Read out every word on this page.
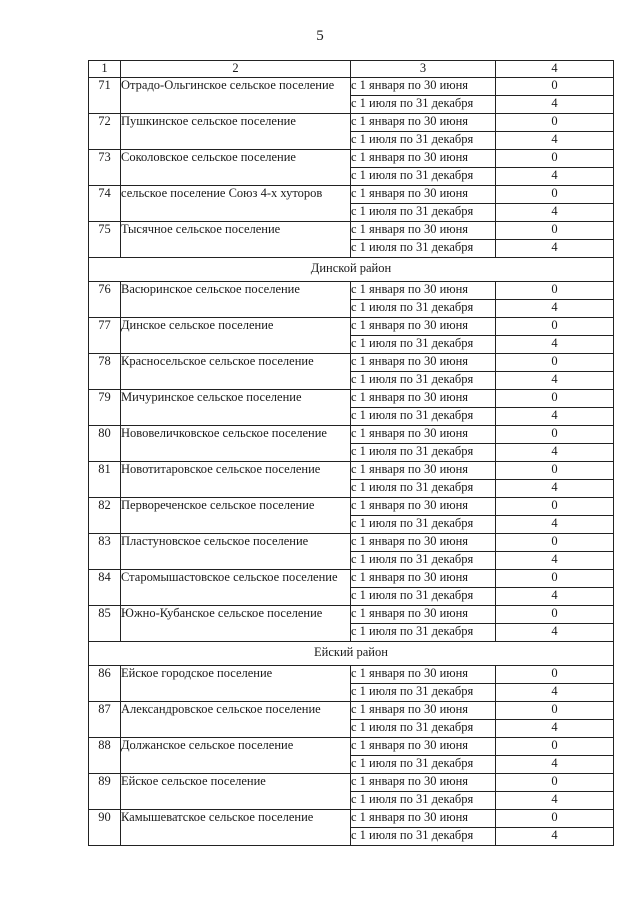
5
1	2	3	4
71	Отрадо-Ольгинское сельское поселение	с 1 января по 30 июня	0
		с 1 июля по 31 декабря	4
72	Пушкинское сельское поселение	с 1 января по 30 июня	0
		с 1 июля по 31 декабря	4
73	Соколовское сельское поселение	с 1 января по 30 июня	0
		с 1 июля по 31 декабря	4
74	сельское поселение Союз 4-х хуторов	с 1 января по 30 июня	0
		с 1 июля по 31 декабря	4
75	Тысячное сельское поселение	с 1 января по 30 июня	0
		с 1 июля по 31 декабря	4
Динской район			
76	Васюринское сельское поселение	с 1 января по 30 июня	0
		с 1 июля по 31 декабря	4
77	Динское сельское поселение	с 1 января по 30 июня	0
		с 1 июля по 31 декабря	4
78	Красносельское сельское поселение	с 1 января по 30 июня	0
		с 1 июля по 31 декабря	4
79	Мичуринское сельское поселение	с 1 января по 30 июня	0
		с 1 июля по 31 декабря	4
80	Нововеличковское сельское поселение	с 1 января по 30 июня	0
		с 1 июля по 31 декабря	4
81	Новотитаровское сельское поселение	с 1 января по 30 июня	0
		с 1 июля по 31 декабря	4
82	Первореченское сельское поселение	с 1 января по 30 июня	0
		с 1 июля по 31 декабря	4
83	Пластуновское сельское поселение	с 1 января по 30 июня	0
		с 1 июля по 31 декабря	4
84	Старомышастовское сельское поселение	с 1 января по 30 июня	0
		с 1 июля по 31 декабря	4
85	Южно-Кубанское сельское поселение	с 1 января по 30 июня	0
		с 1 июля по 31 декабря	4
Ейский район			
86	Ейское городское поселение	с 1 января по 30 июня	0
		с 1 июля по 31 декабря	4
87	Александровское сельское поселение	с 1 января по 30 июня	0
		с 1 июля по 31 декабря	4
88	Должанское сельское поселение	с 1 января по 30 июня	0
		с 1 июля по 31 декабря	4
89	Ейское сельское поселение	с 1 января по 30 июня	0
		с 1 июля по 31 декабря	4
90	Камышеватское сельское поселение	с 1 января по 30 июня	0
		с 1 июля по 31 декабря	4
